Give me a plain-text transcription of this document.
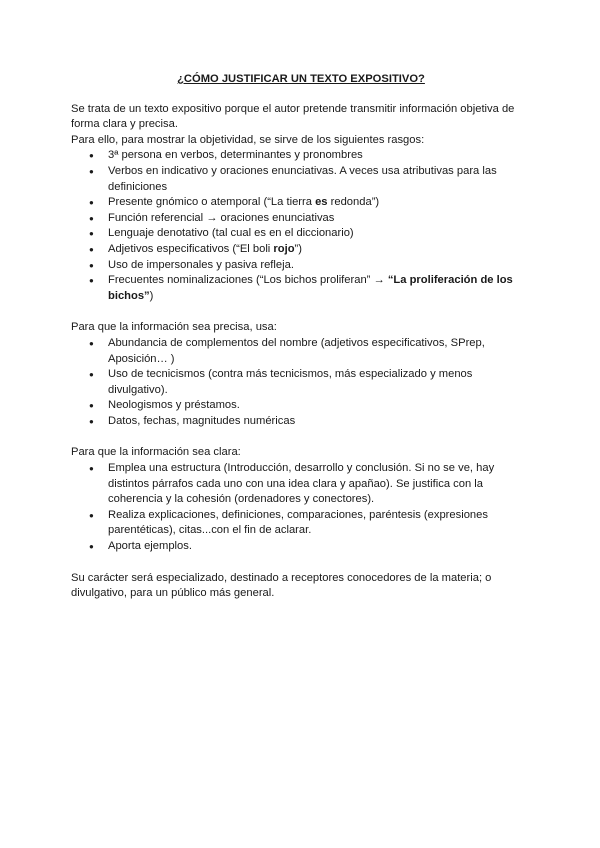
¿CÓMO JUSTIFICAR UN TEXTO EXPOSITIVO?

Se trata de un texto expositivo porque el autor pretende transmitir información objetiva de forma clara y precisa.

Para ello, para mostrar la objetividad, se sirve de los siguientes rasgos:

● 3ª persona en verbos, determinantes y pronombres
● Verbos en indicativo y oraciones enunciativas. A veces usa atributivas para las definiciones
● Presente gnómico o atemporal (“La tierra es redonda”)
● Función referencial → oraciones enunciativas
● Lenguaje denotativo (tal cual es en el diccionario)
● Adjetivos especificativos (“El boli rojo”)
● Uso de impersonales y pasiva refleja.
● Frecuentes nominalizaciones (“Los bichos proliferan” → “La proliferación de los bichos”)

Para que la información sea precisa, usa:

● Abundancia de complementos del nombre (adjetivos especificativos, SPrep, Aposición… )
● Uso de tecnicismos (contra más tecnicismos, más especializado y menos divulgativo).
● Neologismos y préstamos.
● Datos, fechas, magnitudes numéricas

Para que la información sea clara:

● Emplea una estructura (Introducción, desarrollo y conclusión. Si no se ve, hay distintos párrafos cada uno con una idea clara y apañao). Se justifica con la coherencia y la cohesión (ordenadores y conectores).
● Realiza explicaciones, definiciones, comparaciones, paréntesis (expresiones parentéticas), citas...con el fin de aclarar.
● Aporta ejemplos.

Su carácter será especializado, destinado a receptores conocedores de la materia; o divulgativo, para un público más general.
